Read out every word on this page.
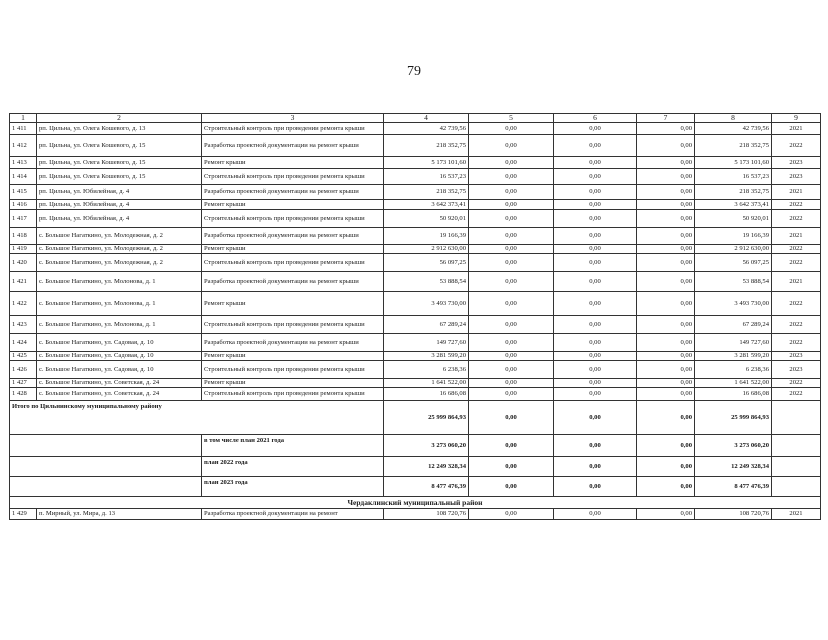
79
1	2	3	4	5	6	7	8	9
1 411	рп. Цильна, ул. Олега Кошевого, д. 13	Строительный контроль при проведении ремонта крыши	42 739,56	0,00	0,00	0,00	42 739,56	2021
1 412	рп. Цильна, ул. Олега Кошевого, д. 15	Разработка проектной документации на ремонт крыши	218 352,75	0,00	0,00	0,00	218 352,75	2022
1 413	рп. Цильна, ул. Олега Кошевого, д. 15	Ремонт крыши	5 173 101,60	0,00	0,00	0,00	5 173 101,60	2023
1 414	рп. Цильна, ул. Олега Кошевого, д. 15	Строительный контроль при проведении ремонта крыши	16 537,23	0,00	0,00	0,00	16 537,23	2023
1 415	рп. Цильна, ул. Юбилейная, д. 4	Разработка проектной документации на ремонт крыши	218 352,75	0,00	0,00	0,00	218 352,75	2021
1 416	рп. Цильна, ул. Юбилейная, д. 4	Ремонт крыши	3 642 373,41	0,00	0,00	0,00	3 642 373,41	2022
1 417	рп. Цильна, ул. Юбилейная, д. 4	Строительный контроль при проведении ремонта крыши	50 920,01	0,00	0,00	0,00	50 920,01	2022
1 418	с. Большое Нагаткино, ул. Молодежная, д. 2	Разработка проектной документации на ремонт крыши	19 166,39	0,00	0,00	0,00	19 166,39	2021
1 419	с. Большое Нагаткино, ул. Молодежная, д. 2	Ремонт крыши	2 912 630,00	0,00	0,00	0,00	2 912 630,00	2022
1 420	с. Большое Нагаткино, ул. Молодежная, д. 2	Строительный контроль при проведении ремонта крыши	56 097,25	0,00	0,00	0,00	56 097,25	2022
1 421	с. Большое Нагаткино, ул. Молонова, д. 1	Разработка проектной документации на ремонт крыши	53 888,54	0,00	0,00	0,00	53 888,54	2021
1 422	с. Большое Нагаткино, ул. Молонова, д. 1	Ремонт крыши	3 493 730,00	0,00	0,00	0,00	3 493 730,00	2022
1 423	с. Большое Нагаткино, ул. Молонова, д. 1	Строительный контроль при проведении ремонта крыши	67 289,24	0,00	0,00	0,00	67 289,24	2022
1 424	с. Большое Нагаткино, ул. Садовая, д. 10	Разработка проектной документации на ремонт крыши	149 727,60	0,00	0,00	0,00	149 727,60	2022
1 425	с. Большое Нагаткино, ул. Садовая, д. 10	Ремонт крыши	3 281 599,20	0,00	0,00	0,00	3 281 599,20	2023
1 426	с. Большое Нагаткино, ул. Садовая, д. 10	Строительный контроль при проведении ремонта крыши	6 238,36	0,00	0,00	0,00	6 238,36	2023
1 427	с. Большое Нагаткино, ул. Советская, д. 24	Ремонт крыши	1 641 522,00	0,00	0,00	0,00	1 641 522,00	2022
1 428	с. Большое Нагаткино, ул. Советская, д. 24	Строительный контроль при проведении ремонта крыши	16 686,08	0,00	0,00	0,00	16 686,08	2022
Итого по Цильнинскому муниципальному району			25 999 864,93	0,00	0,00	0,00	25 999 864,93	
		в том числе план 2021 года	3 273 060,20	0,00	0,00	0,00	3 273 060,20	
		план 2022 года	12 249 328,34	0,00	0,00	0,00	12 249 328,34	
		план 2023 года	8 477 476,39	0,00	0,00	0,00	8 477 476,39	
Чердаклинский муниципальный район								
1 429	п. Мирный, ул. Мира, д. 13	Разработка проектной документации на ремонт	108 720,76	0,00	0,00	0,00	108 720,76	2021
